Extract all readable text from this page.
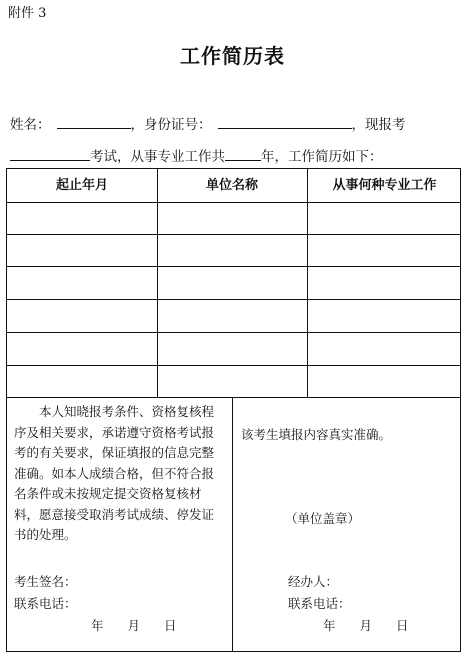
附件 3
工作简历表
姓名：	，身份证号：	，现报考
考试，从事专业工作共	年，工作简历如下：
起止年月	单位名称	从事何种专业工作
本人知晓报考条件、资格复核程序及相关要求，承诺遵守资格考试报考的有关要求，保证填报的信息完整准确。如本人成绩合格，但不符合报名条件或未按规定提交资格复核材料，愿意接受取消考试成绩、停发证书的处理。
考生签名：
联系电话：
年 月 日
该考生填报内容真实准确。
（单位盖章）
经办人：
联系电话：
年 月 日
